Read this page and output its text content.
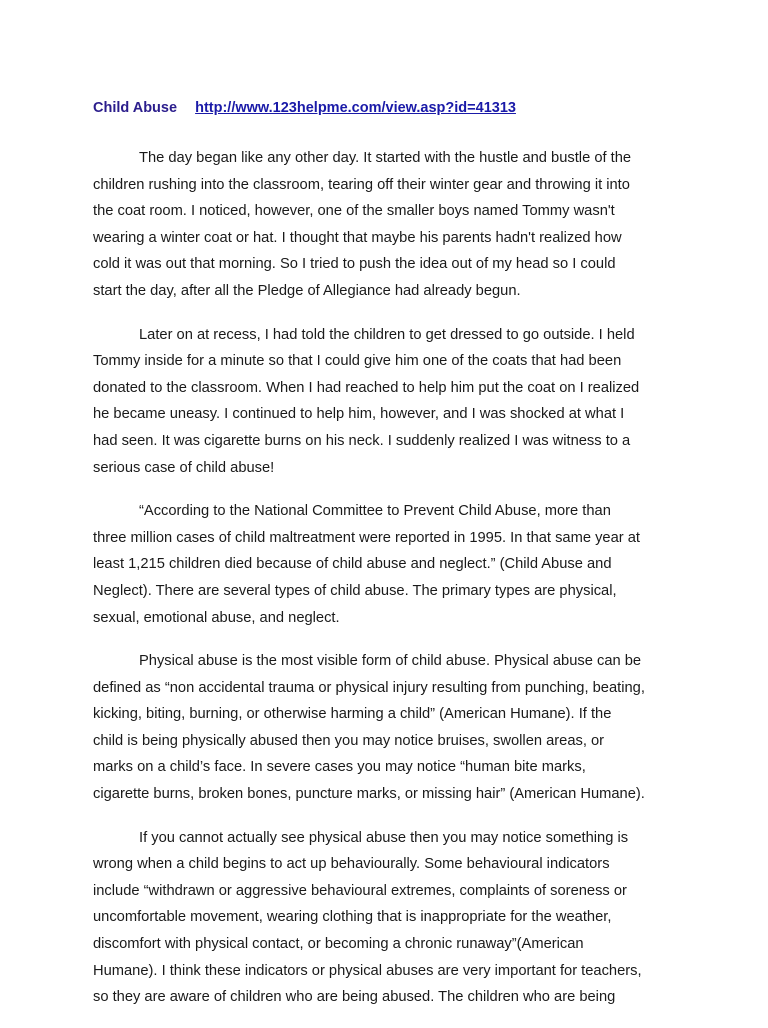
Child Abuse http://www.123helpme.com/view.asp?id=41313
The day began like any other day. It started with the hustle and bustle of the
children rushing into the classroom, tearing off their winter gear and throwing it into
the coat room. I noticed, however, one of the smaller boys named Tommy wasn't
wearing a winter coat or hat. I thought that maybe his parents hadn't realized how
cold it was out that morning. So I tried to push the idea out of my head so I could
start the day, after all the Pledge of Allegiance had already begun.
Later on at recess, I had told the children to get dressed to go outside. I held
Tommy inside for a minute so that I could give him one of the coats that had been
donated to the classroom. When I had reached to help him put the coat on I realized
he became uneasy. I continued to help him, however, and I was shocked at what I
had seen. It was cigarette burns on his neck. I suddenly realized I was witness to a
serious case of child abuse!
“According to the National Committee to Prevent Child Abuse, more than
three million cases of child maltreatment were reported in 1995. In that same year at
least 1,215 children died because of child abuse and neglect.” (Child Abuse and
Neglect). There are several types of child abuse. The primary types are physical,
sexual, emotional abuse, and neglect.
Physical abuse is the most visible form of child abuse. Physical abuse can be
defined as “non accidental trauma or physical injury resulting from punching, beating,
kicking, biting, burning, or otherwise harming a child” (American Humane). If the
child is being physically abused then you may notice bruises, swollen areas, or
marks on a child’s face. In severe cases you may notice “human bite marks,
cigarette burns, broken bones, puncture marks, or missing hair” (American Humane).
If you cannot actually see physical abuse then you may notice something is
wrong when a child begins to act up behaviourally. Some behavioural indicators
include “withdrawn or aggressive behavioural extremes, complaints of soreness or
uncomfortable movement, wearing clothing that is inappropriate for the weather,
discomfort with physical contact, or becoming a chronic runaway”(American
Humane). I think these indicators or physical abuses are very important for teachers,
so they are aware of children who are being abused. The children who are being
